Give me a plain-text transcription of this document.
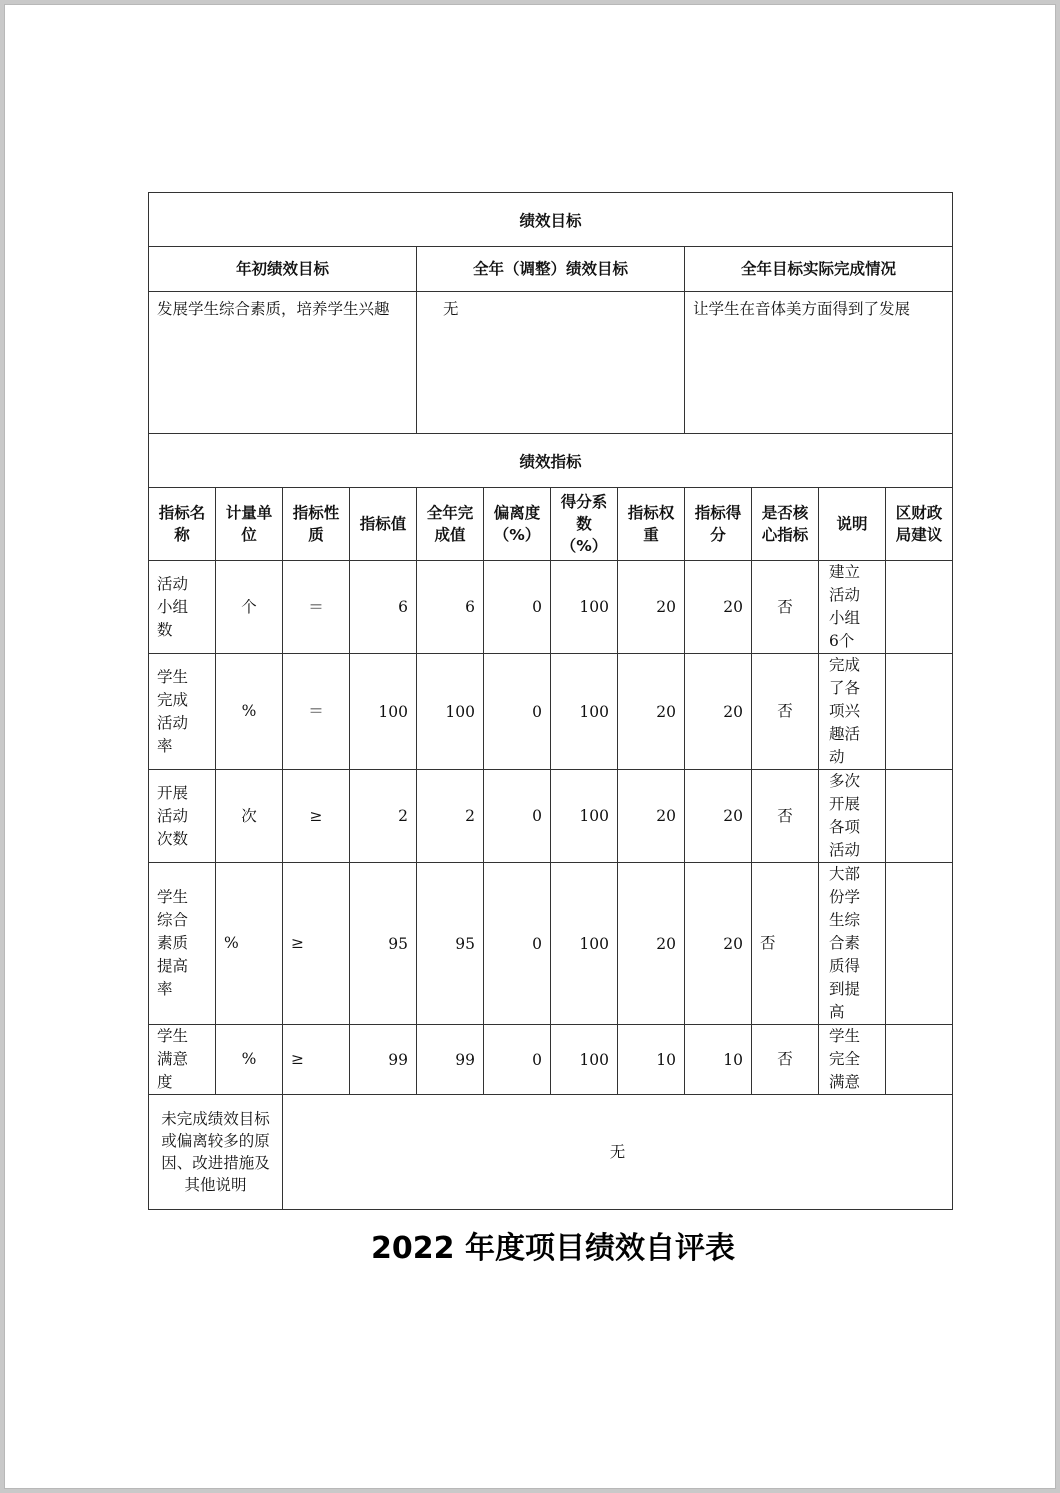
绩效目标											
年初绩效目标				全年（调整）绩效目标				全年目标实际完成情况			
发展学生综合素质，培养学生兴趣				无				让学生在音体美方面得到了发展			
绩效指标											
指标名称	计量单位	指标性质	指标值	全年完成值	偏离度（%）	得分系数（%）	指标权重	指标得分	是否核心指标	说明	区财政局建议
活动小组数	个	＝	6	6	0	100	20	20	否	建立活动小组6个	
学生完成活动率	%	＝	100	100	0	100	20	20	否	完成了各项兴趣活动	
开展活动次数	次	≥	2	2	0	100	20	20	否	多次开展各项活动	
学生综合素质提高率	%	≥	95	95	0	100	20	20	否	大部份学生综合素质得到提高	
学生满意度	%	≥	99	99	0	100	10	10	否	学生完全满意	
未完成绩效目标或偏离较多的原因、改进措施及其他说明		无									
2022 年度项目绩效自评表
